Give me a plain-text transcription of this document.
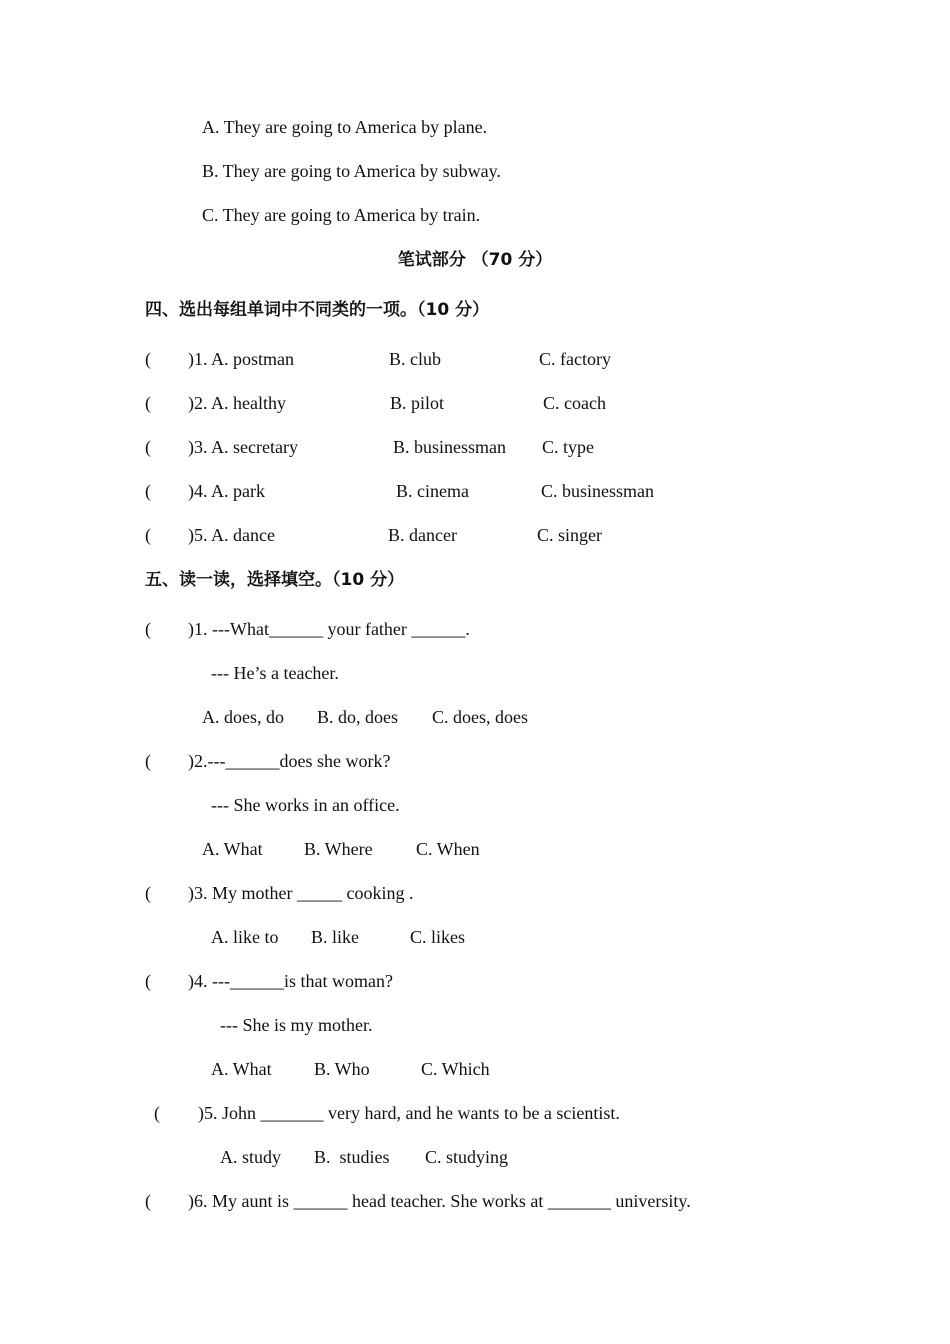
A. They are going to America by plane.
B. They are going to America by subway.
C. They are going to America by train.
笔试部分 （70 分）
四、选出每组单词中不同类的一项。（10 分）
( )1. A. postman	B. club	C. factory
( )2. A. healthy	B. pilot	C. coach
( )3. A. secretary	B. businessman C. type
( )4. A. park	B. cinema	C. businessman
( )5. A. dance	B. dancer	C. singer
五、读一读，选择填空。（10 分）
( )1. ---What______ your father ______.
--- He’s a teacher.
A. does, do B. do, does C. does, does
( )2.---______does she work?
--- She works in an office.
A. What B. Where C. When
( )3. My mother _____ cooking .
A. like to B. like	C. likes
( )4. ---______is that woman?
--- She is my mother.
A. What B. Who	C. Which
( )5. John _______ very hard, and he wants to be a scientist.
A. study B.  studies C. studying
( )6. My aunt is ______ head teacher. She works at _______ university.
